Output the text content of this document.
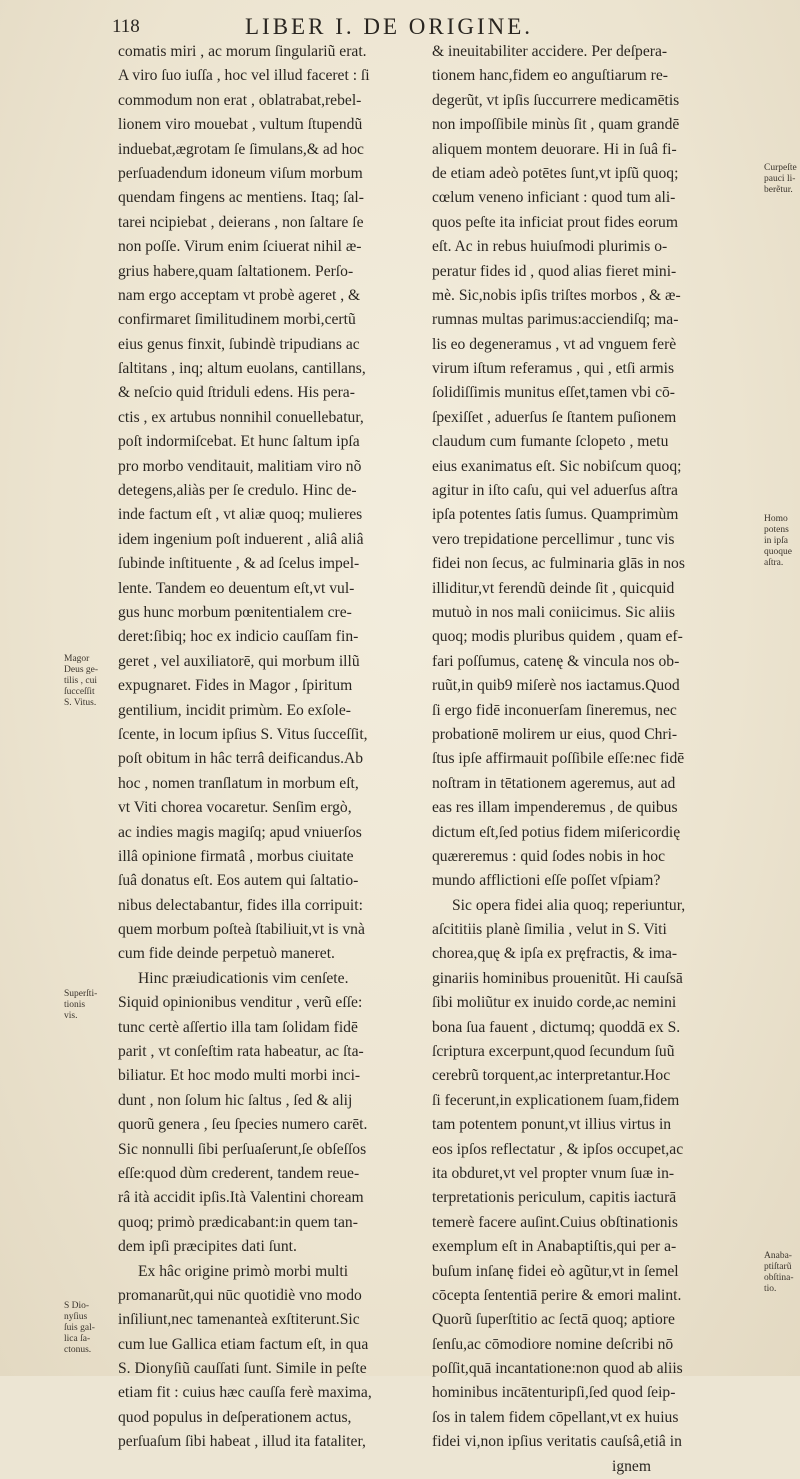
118	LIBER I. DE ORIGINE.
comatis miri , ac morum ſingulariũ erat.
A viro ſuo iuſſa , hoc vel illud faceret : ſi
commodum non erat , oblatrabat,rebel-
lionem viro mouebat , vultum ſtupendũ
induebat,ægrotam ſe ſimulans,& ad hoc
perſuadendum idoneum viſum morbum
quendam fingens ac mentiens. Itaq; ſal-
tarei ncipiebat , deierans , non ſaltare ſe
non poſſe. Virum enim ſciuerat nihil æ-
grius habere,quam ſaltationem. Perſo-
nam ergo acceptam vt probè ageret , &
confirmaret ſimilitudinem morbi,certũ
eius genus finxit, ſubindè tripudians ac
ſaltitans , inq; altum euolans, cantillans,
& neſcio quid ſtriduli edens. His pera-
ctis , ex artubus nonnihil conuellebatur,
poſt indormiſcebat. Et hunc ſaltum ipſa
pro morbo venditauit, malitiam viro nõ
detegens,aliàs per ſe credulo. Hinc de-
inde factum eſt , vt aliæ quoq; mulieres
idem ingenium poſt induerent , aliâ aliâ
ſubinde inſtituente , & ad ſcelus impel-
lente. Tandem eo deuentum eſt,vt vul-
gus hunc morbum pœnitentialem cre-
deret:ſibiq; hoc ex indicio cauſſam fin-
geret , vel auxiliatorē, qui morbum illũ
expugnaret. Fides in Magor , ſpiritum
gentilium, incidit primùm. Eo exſole-
ſcente, in locum ipſius S. Vitus ſucceſſit,
poſt obitum in hâc terrâ deificandus.Ab
hoc , nomen tranſlatum in morbum eſt,
vt Viti chorea vocaretur. Senſim ergò,
ac indies magis magiſq; apud vniuerſos
illâ opinione firmatâ , morbus ciuitate
ſuâ donatus eſt. Eos autem qui ſaltatio-
nibus delectabantur, fides illa corripuit:
quem morbum poſteà ſtabiliuit,vt is vnà
cum fide deinde perpetuò maneret.
Hinc præiudicationis vim cenſete.
Siquid opinionibus venditur , verũ eſſe:
tunc certè aſſertio illa tam ſolidam fidē
parit , vt conſeſtim rata habeatur, ac ſta-
biliatur. Et hoc modo multi morbi inci-
dunt , non ſolum hic ſaltus , ſed & alij
quorũ genera , ſeu ſpecies numero carēt.
Sic nonnulli ſibi perſuaſerunt,ſe obſeſſos
eſſe:quod dùm crederent, tandem reue-
râ ità accidit ipſis.Ità Valentini choream
quoq; primò prædicabant:in quem tan-
dem ipſi præcipites dati ſunt.
Ex hâc origine primò morbi multi
promanarũt,qui nūc quotidiè vno modo
inſiliunt,nec tamenanteà exſtiterunt.Sic
cum lue Gallica etiam factum eſt, in qua
S. Dionyſiũ cauſſati ſunt. Simile in peſte
etiam fit : cuius hæc cauſſa ferè maxima,
quod populus in deſperationem actus,
perſuaſum ſibi habeat , illud ita fataliter,
& ineuitabiliter accidere. Per deſpera-
tionem hanc,fidem eo anguſtiarum re-
degerũt, vt ipſis ſuccurrere medicamētis
non impoſſibile minùs ſit , quam grandē
aliquem montem deuorare. Hi in ſuâ fi-
de etiam adeò potētes ſunt,vt ipſũ quoq;
cœlum veneno inficiant : quod tum ali-
quos peſte ita inficiat prout fides eorum
eſt. Ac in rebus huiuſmodi plurimis o-
peratur fides id , quod alias fieret mini-
mè. Sic,nobis ipſis triſtes morbos , & æ-
rumnas multas parimus:acciendiſq; ma-
lis eo degeneramus , vt ad vnguem ferè
virum iſtum referamus , qui , etſi armis
ſolidiſſimis munitus eſſet,tamen vbi cō-
ſpexiſſet , aduerſus ſe ſtantem puſionem
claudum cum fumante ſclopeto , metu
eius exanimatus eſt. Sic nobiſcum quoq;
agitur in iſto caſu, qui vel aduerſus aſtra
ipſa potentes ſatis ſumus. Quamprimùm
vero trepidatione percellimur , tunc vis
fidei non ſecus, ac fulminaria glās in nos
illiditur,vt ferendũ deinde ſit , quicquid
mutuò in nos mali coniicimus. Sic aliis
quoq; modis pluribus quidem , quam ef-
fari poſſumus, catenę & vincula nos ob-
ruũt,in quib9 miſerè nos iactamus.Quod
ſi ergo fidē inconuerſam ſineremus, nec
probationē molirem ur eius, quod Chri-
ſtus ipſe affirmauit poſſibile eſſe:nec fidē
noſtram in tētationem ageremus, aut ad
eas res illam impenderemus , de quibus
dictum eſt,ſed potius fidem miſericordię
quæreremus : quid ſodes nobis in hoc
mundo afflictioni eſſe poſſet vſpiam?
Sic opera fidei alia quoq; reperiuntur,
aſcititiis planè ſimilia , velut in S. Viti
chorea,quę & ipſa ex pręfractis, & ima-
ginariis hominibus prouenitũt. Hi cauſsā
ſibi moliũtur ex inuido corde,ac nemini
bona ſua fauent , dictumq; quoddā ex S.
ſcriptura excerpunt,quod ſecundum ſuũ
cerebrũ torquent,ac interpretantur.Hoc
ſi fecerunt,in explicationem ſuam,fidem
tam potentem ponunt,vt illius virtus in
eos ipſos reflectatur , & ipſos occupet,ac
ita obduret,vt vel propter vnum ſuæ in-
terpretationis periculum, capitis iacturā
temerè facere auſint.Cuius obſtinationis
exemplum eſt in Anabaptiſtis,qui per a-
buſum inſanę fidei eò agũtur,vt in ſemel
cōcepta ſententiā perire & emori malint.
Quorũ ſuperſtitio ac ſectā quoq; aptiore
ſenſu,ac cōmodiore nomine deſcribi nō
poſſit,quā incantatione:non quod ab aliis
hominibus incātenturipſi,ſed quod ſeip-
ſos in talem fidem cōpellant,vt ex huius
fidei vi,non ipſius veritatis cauſsâ,etiâ in
ignem
Magor
Deus ge-
tilis , cui
ſucceſſit
S. Vitus.
Superſti-
tionis
vis.
S Dio-
nyſius
ſuis gal-
lica ſa-
ctonus.
Curpeſte
pauci li-
berẽtur.
Homo
potens
in ipſa
quoque
aſtra.
Anaba-
ptiſtarũ
obſtina-
tio.
